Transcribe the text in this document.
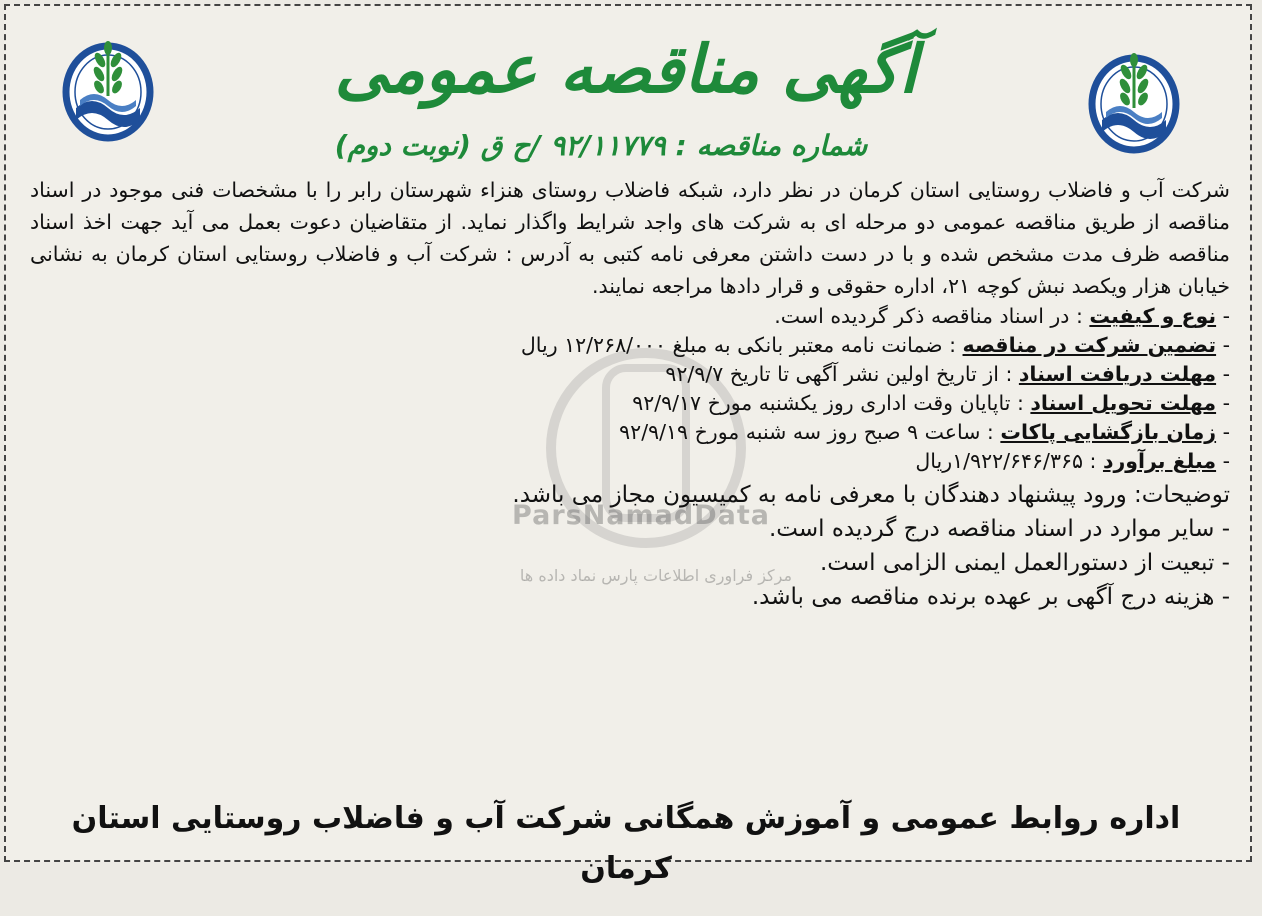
آگهی مناقصه عمومی
شماره مناقصه : ۹۲/۱۱۷۷۹ /ح ق (نوبت دوم)
ParsNamadData
مرکز فراوری اطلاعات پارس نماد داده ها

شرکت آب و فاضلاب روستایی استان کرمان در نظر دارد، شبکه فاضلاب روستای هنزاء شهرستان رابر را با مشخصات فنی موجود در اسناد مناقصه از طریق مناقصه عمومی دو مرحله ای به شرکت های واجد شرایط واگذار نماید. از متقاضیان دعوت بعمل می آید جهت اخذ اسناد مناقصه ظرف مدت مشخص شده و با در دست داشتن معرفی نامه کتبی به آدرس : شرکت آب و فاضلاب روستایی استان کرمان به نشانی خیابان هزار ویکصد نبش کوچه ۲۱، اداره حقوقی و قرار دادها مراجعه نمایند.

- نوع و کیفیت : در اسناد مناقصه ذکر گردیده است.
- تضمین شرکت در مناقصه : ضمانت نامه معتبر بانکی به مبلغ ۱۲/۲۶۸/۰۰۰ ریال
- مهلت دریافت اسناد : از تاریخ اولین نشر آگهی تا تاریخ ۹۲/۹/۷
- مهلت تحویل اسناد : تاپایان وقت اداری روز یکشنبه مورخ ۹۲/۹/۱۷
- زمان بازگشایی پاکات : ساعت ۹ صبح روز سه شنبه مورخ ۹۲/۹/۱۹
- مبلغ برآورد : ۱/۹۲۲/۶۴۶/۳۶۵ریال
توضیحات: ورود پیشنهاد دهندگان با معرفی نامه به کمیسیون مجاز می باشد.
- سایر موارد در اسناد مناقصه درج گردیده است.
- تبعیت از دستورالعمل ایمنی الزامی است.
- هزینه درج آگهی بر عهده برنده مناقصه می باشد.
اداره روابط عمومی و آموزش همگانی شرکت آب و فاضلاب روستایی استان کرمان
